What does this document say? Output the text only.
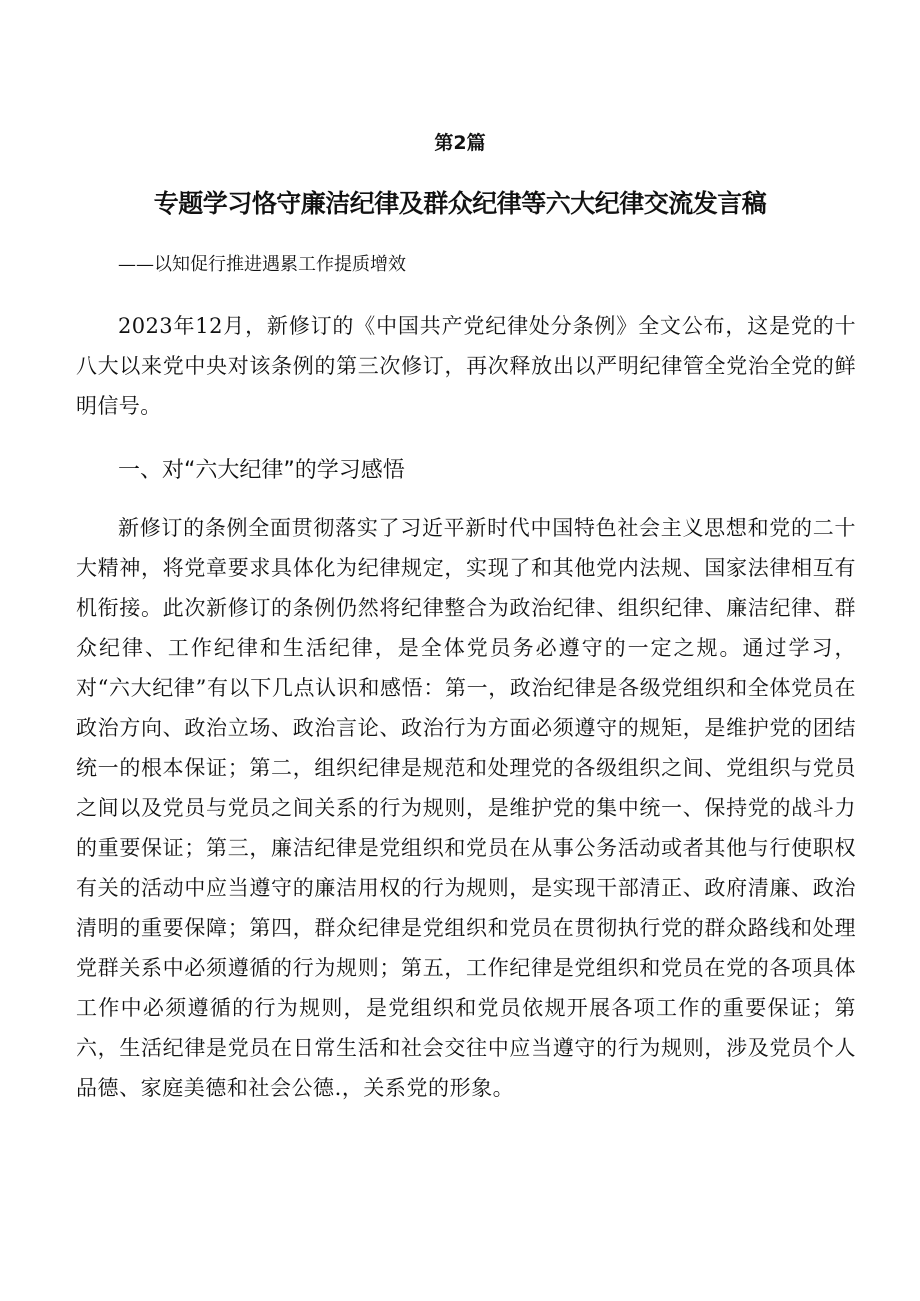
第2篇
专题学习恪守廉洁纪律及群众纪律等六大纪律交流发言稿
——以知促行推进遇累工作提质增效

2023年12月，新修订的《中国共产党纪律处分条例》全文公布，这是党的十八大以来党中央对该条例的第三次修订，再次释放出以严明纪律管全党治全党的鲜明信号。

一、对“六大纪律”的学习感悟

新修订的条例全面贯彻落实了习近平新时代中国特色社会主义思想和党的二十大精神，将党章要求具体化为纪律规定，实现了和其他党内法规、国家法律相互有机衔接。此次新修订的条例仍然将纪律整合为政治纪律、组织纪律、廉洁纪律、群众纪律、工作纪律和生活纪律，是全体党员务必遵守的一定之规。通过学习，对“六大纪律”有以下几点认识和感悟：第一，政治纪律是各级党组织和全体党员在政治方向、政治立场、政治言论、政治行为方面必须遵守的规矩，是维护党的团结统一的根本保证；第二，组织纪律是规范和处理党的各级组织之间、党组织与党员之间以及党员与党员之间关系的行为规则，是维护党的集中统一、保持党的战斗力的重要保证；第三，廉洁纪律是党组织和党员在从事公务活动或者其他与行使职权有关的活动中应当遵守的廉洁用权的行为规则，是实现干部清正、政府清廉、政治清明的重要保障；第四，群众纪律是党组织和党员在贯彻执行党的群众路线和处理党群关系中必须遵循的行为规则；第五，工作纪律是党组织和党员在党的各项具体工作中必须遵循的行为规则，是党组织和党员依规开展各项工作的重要保证；第六，生活纪律是党员在日常生活和社会交往中应当遵守的行为规则，涉及党员个人品德、家庭美德和社会公德.，关系党的形象。
